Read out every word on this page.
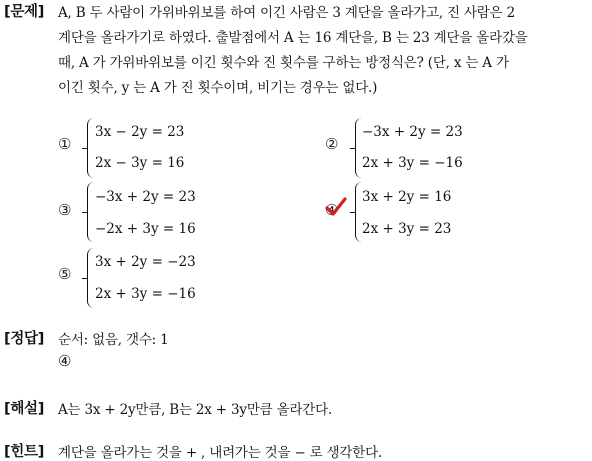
[문제] A, B 두 사람이 가위바위보를 하여 이긴 사람은 3 계단을 올라가고, 진 사람은 2
계단을 올라가기로 하였다. 출발점에서 A 는 16 계단을, B 는 23 계단을 올라갔을
때, A 가 가위바위보를 이긴 횟수와 진 횟수를 구하는 방정식은? (단, x 는 A 가
이긴 횟수, y 는 A 가 진 횟수이며, 비기는 경우는 없다.)
①
3x − 2y = 23
2x − 3y = 16
②
−3x + 2y = 23
2x + 3y = −16
③
−3x + 2y = 23
−2x + 3y = 16
④
3x + 2y = 16
2x + 3y = 23
⑤
3x + 2y = −23
2x + 3y = −16
[정답] 순서: 없음, 갯수: 1
④
[해설] A는 3x + 2y만큼, B는 2x + 3y만큼 올라간다.
[힌트] 계단을 올라가는 것을 + , 내려가는 것을 − 로 생각한다.
